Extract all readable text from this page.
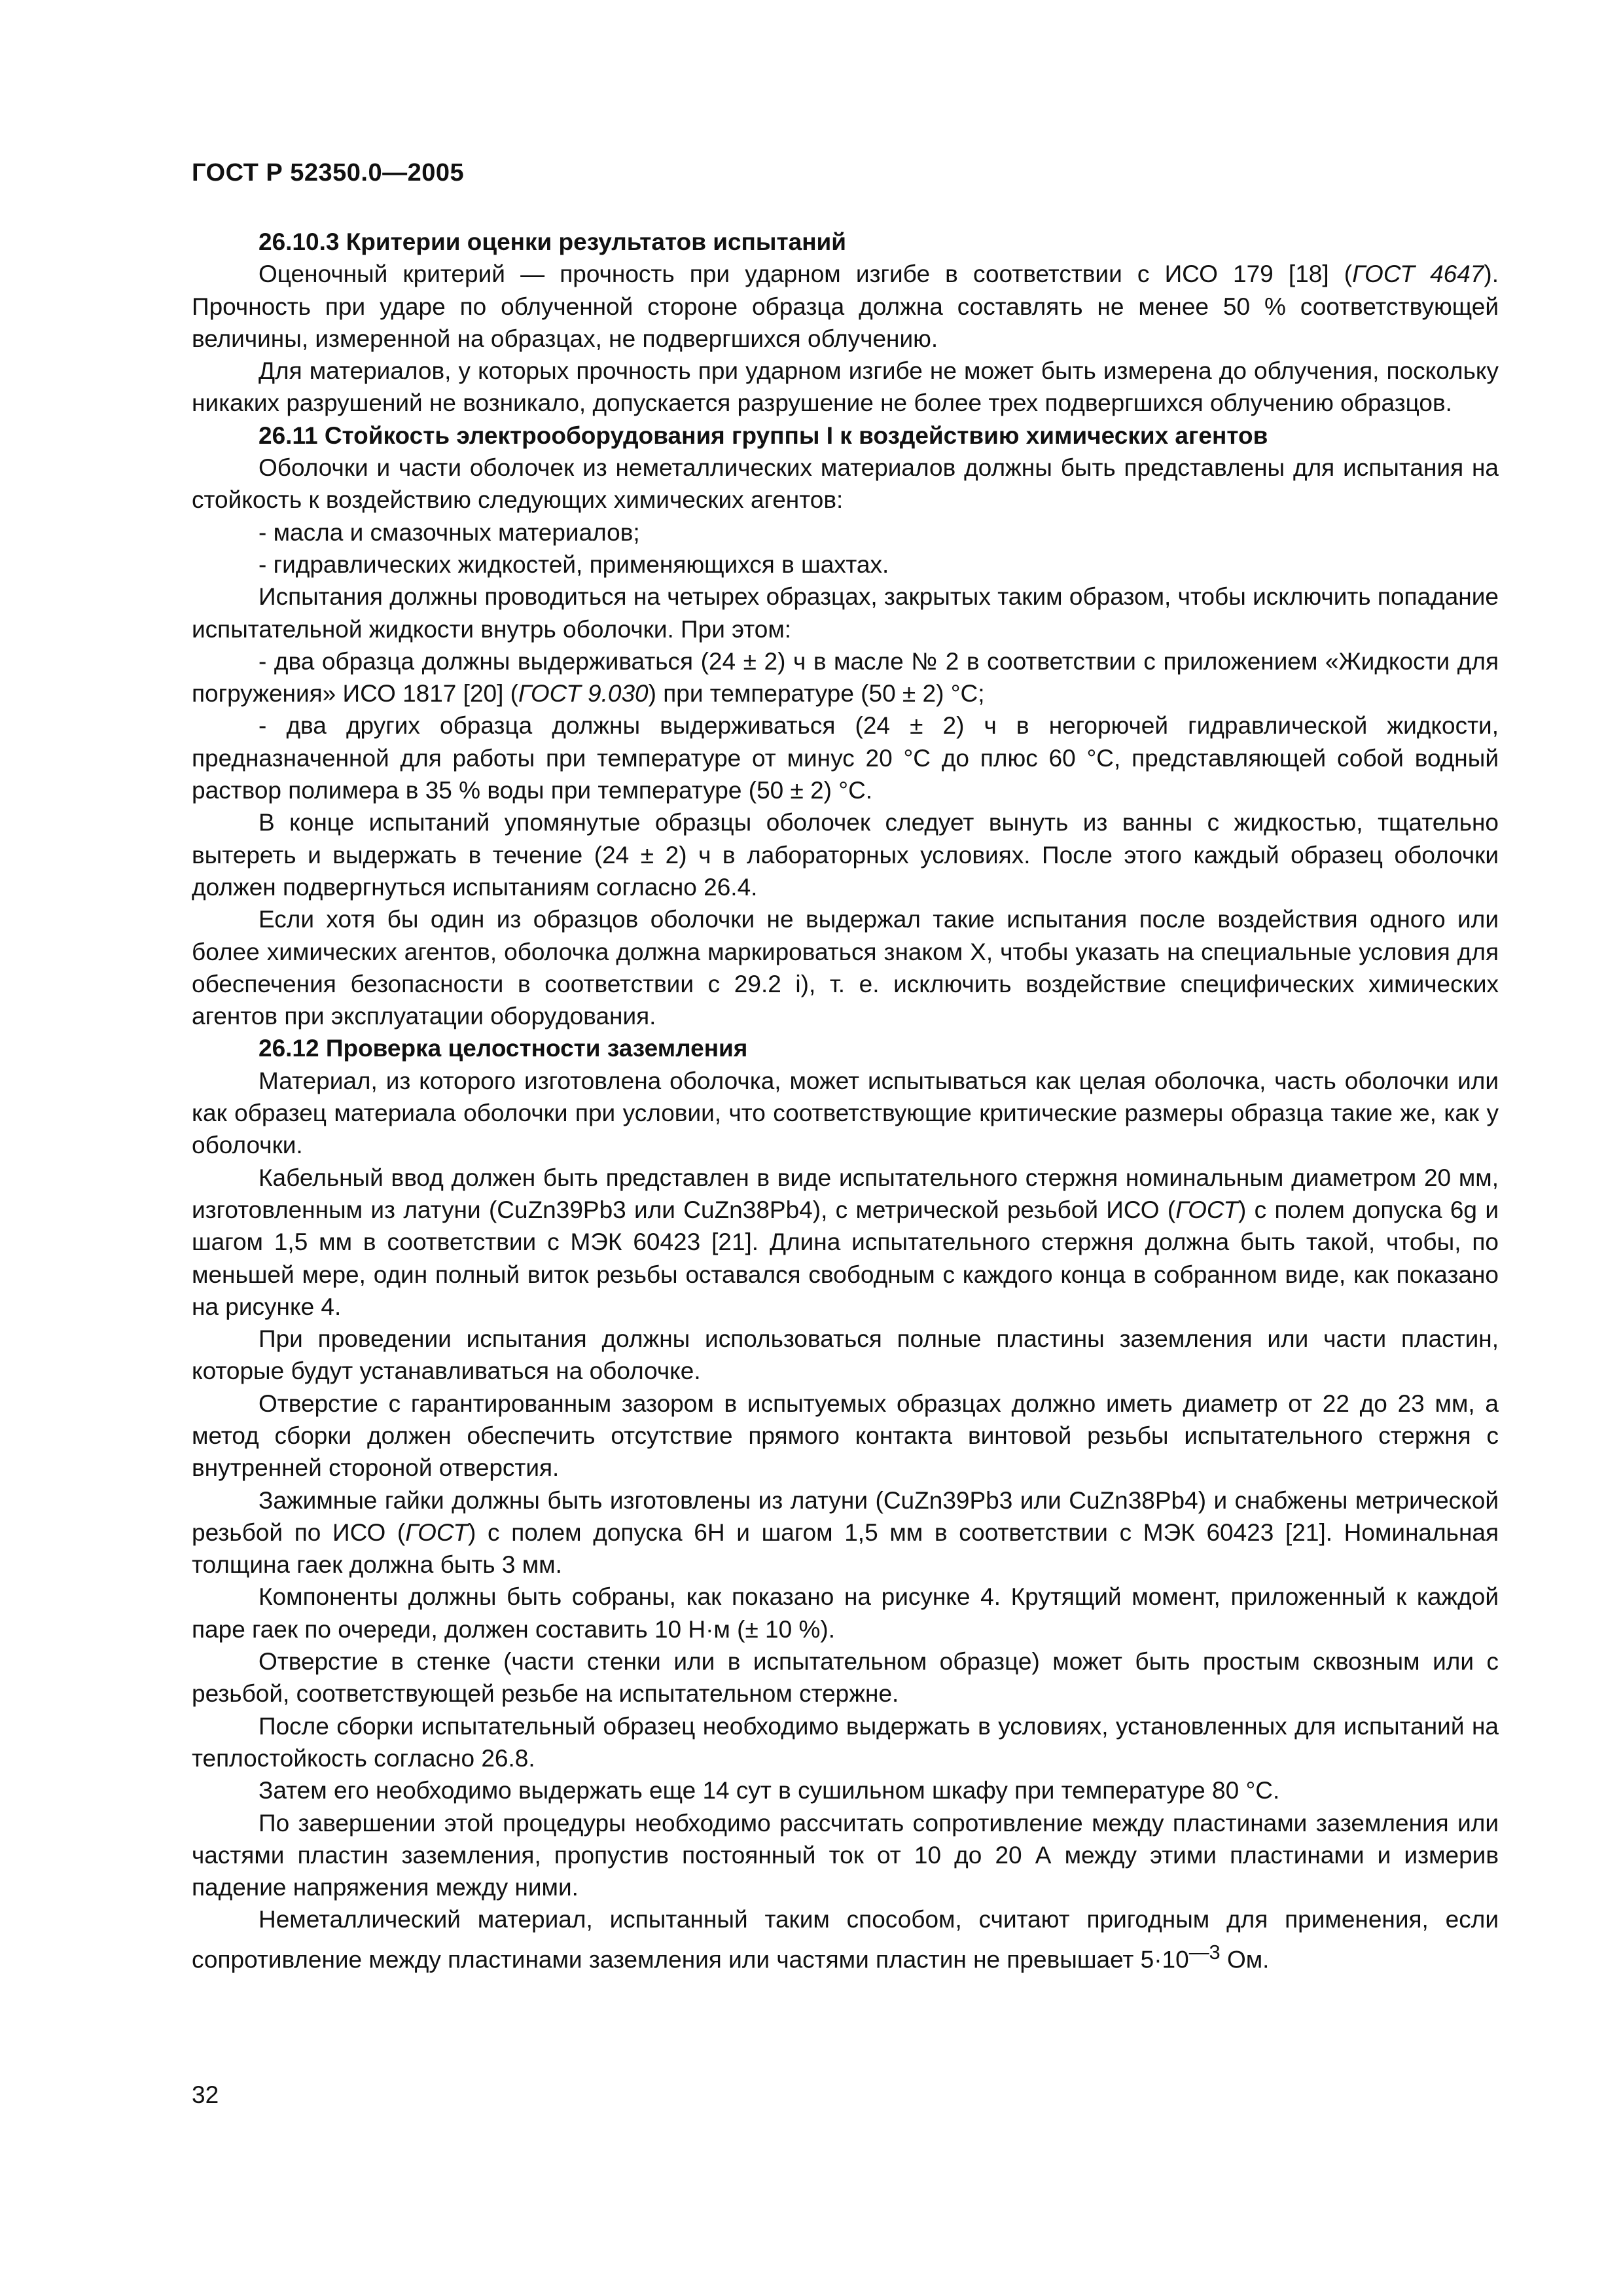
ГОСТ Р 52350.0—2005

26.10.3 Критерии оценки результатов испытаний

Оценочный критерий — прочность при ударном изгибе в соответствии с ИСО 179 [18] (ГОСТ 4647). Прочность при ударе по облученной стороне образца должна составлять не менее 50 % соответствующей величины, измеренной на образцах, не подвергшихся облучению.

Для материалов, у которых прочность при ударном изгибе не может быть измерена до облучения, поскольку никаких разрушений не возникало, допускается разрушение не более трех подвергшихся облучению образцов.

26.11 Стойкость электрооборудования группы I к воздействию химических агентов

Оболочки и части оболочек из неметаллических материалов должны быть представлены для испытания на стойкость к воздействию следующих химических агентов:

- масла и смазочных материалов;

- гидравлических жидкостей, применяющихся в шахтах.

Испытания должны проводиться на четырех образцах, закрытых таким образом, чтобы исключить попадание испытательной жидкости внутрь оболочки. При этом:

- два образца должны выдерживаться (24 ± 2) ч в масле № 2 в соответствии с приложением «Жидкости для погружения» ИСО 1817 [20] (ГОСТ 9.030) при температуре (50 ± 2) °С;

- два других образца должны выдерживаться (24 ± 2) ч в негорючей гидравлической жидкости, предназначенной для работы при температуре от минус 20 °С до плюс 60 °С, представляющей собой водный раствор полимера в 35 % воды при температуре (50 ± 2) °С.

В конце испытаний упомянутые образцы оболочек следует вынуть из ванны с жидкостью, тщательно вытереть и выдержать в течение (24 ± 2) ч в лабораторных условиях. После этого каждый образец оболочки должен подвергнуться испытаниям согласно 26.4.

Если хотя бы один из образцов оболочки не выдержал такие испытания после воздействия одного или более химических агентов, оболочка должна маркироваться знаком X, чтобы указать на специальные условия для обеспечения безопасности в соответствии с 29.2 i), т. е. исключить воздействие специфических химических агентов при эксплуатации оборудования.

26.12 Проверка целостности заземления

Материал, из которого изготовлена оболочка, может испытываться как целая оболочка, часть оболочки или как образец материала оболочки при условии, что соответствующие критические размеры образца такие же, как у оболочки.

Кабельный ввод должен быть представлен в виде испытательного стержня номинальным диаметром 20 мм, изготовленным из латуни (CuZn39Pb3 или CuZn38Pb4), с метрической резьбой ИСО (ГОСТ) с полем допуска 6g и шагом 1,5 мм в соответствии с МЭК 60423 [21]. Длина испытательного стержня должна быть такой, чтобы, по меньшей мере, один полный виток резьбы оставался свободным с каждого конца в собранном виде, как показано на рисунке 4.

При проведении испытания должны использоваться полные пластины заземления или части пластин, которые будут устанавливаться на оболочке.

Отверстие с гарантированным зазором в испытуемых образцах должно иметь диаметр от 22 до 23 мм, а метод сборки должен обеспечить отсутствие прямого контакта винтовой резьбы испытательного стержня с внутренней стороной отверстия.

Зажимные гайки должны быть изготовлены из латуни (CuZn39Pb3 или CuZn38Pb4) и снабжены метрической резьбой по ИСО (ГОСТ) с полем допуска 6Н и шагом 1,5 мм в соответствии с МЭК 60423 [21]. Номинальная толщина гаек должна быть 3 мм.

Компоненты должны быть собраны, как показано на рисунке 4. Крутящий момент, приложенный к каждой паре гаек по очереди, должен составить 10 Н·м (± 10 %).

Отверстие в стенке (части стенки или в испытательном образце) может быть простым сквозным или с резьбой, соответствующей резьбе на испытательном стержне.

После сборки испытательный образец необходимо выдержать в условиях, установленных для испытаний на теплостойкость согласно 26.8.

Затем его необходимо выдержать еще 14 сут в сушильном шкафу при температуре 80 °С.

По завершении этой процедуры необходимо рассчитать сопротивление между пластинами заземления или частями пластин заземления, пропустив постоянный ток от 10 до 20 А между этими пластинами и измерив падение напряжения между ними.

Неметаллический материал, испытанный таким способом, считают пригодным для применения, если сопротивление между пластинами заземления или частями пластин не превышает $5\cdot 10^{—3}$ Ом.

32
